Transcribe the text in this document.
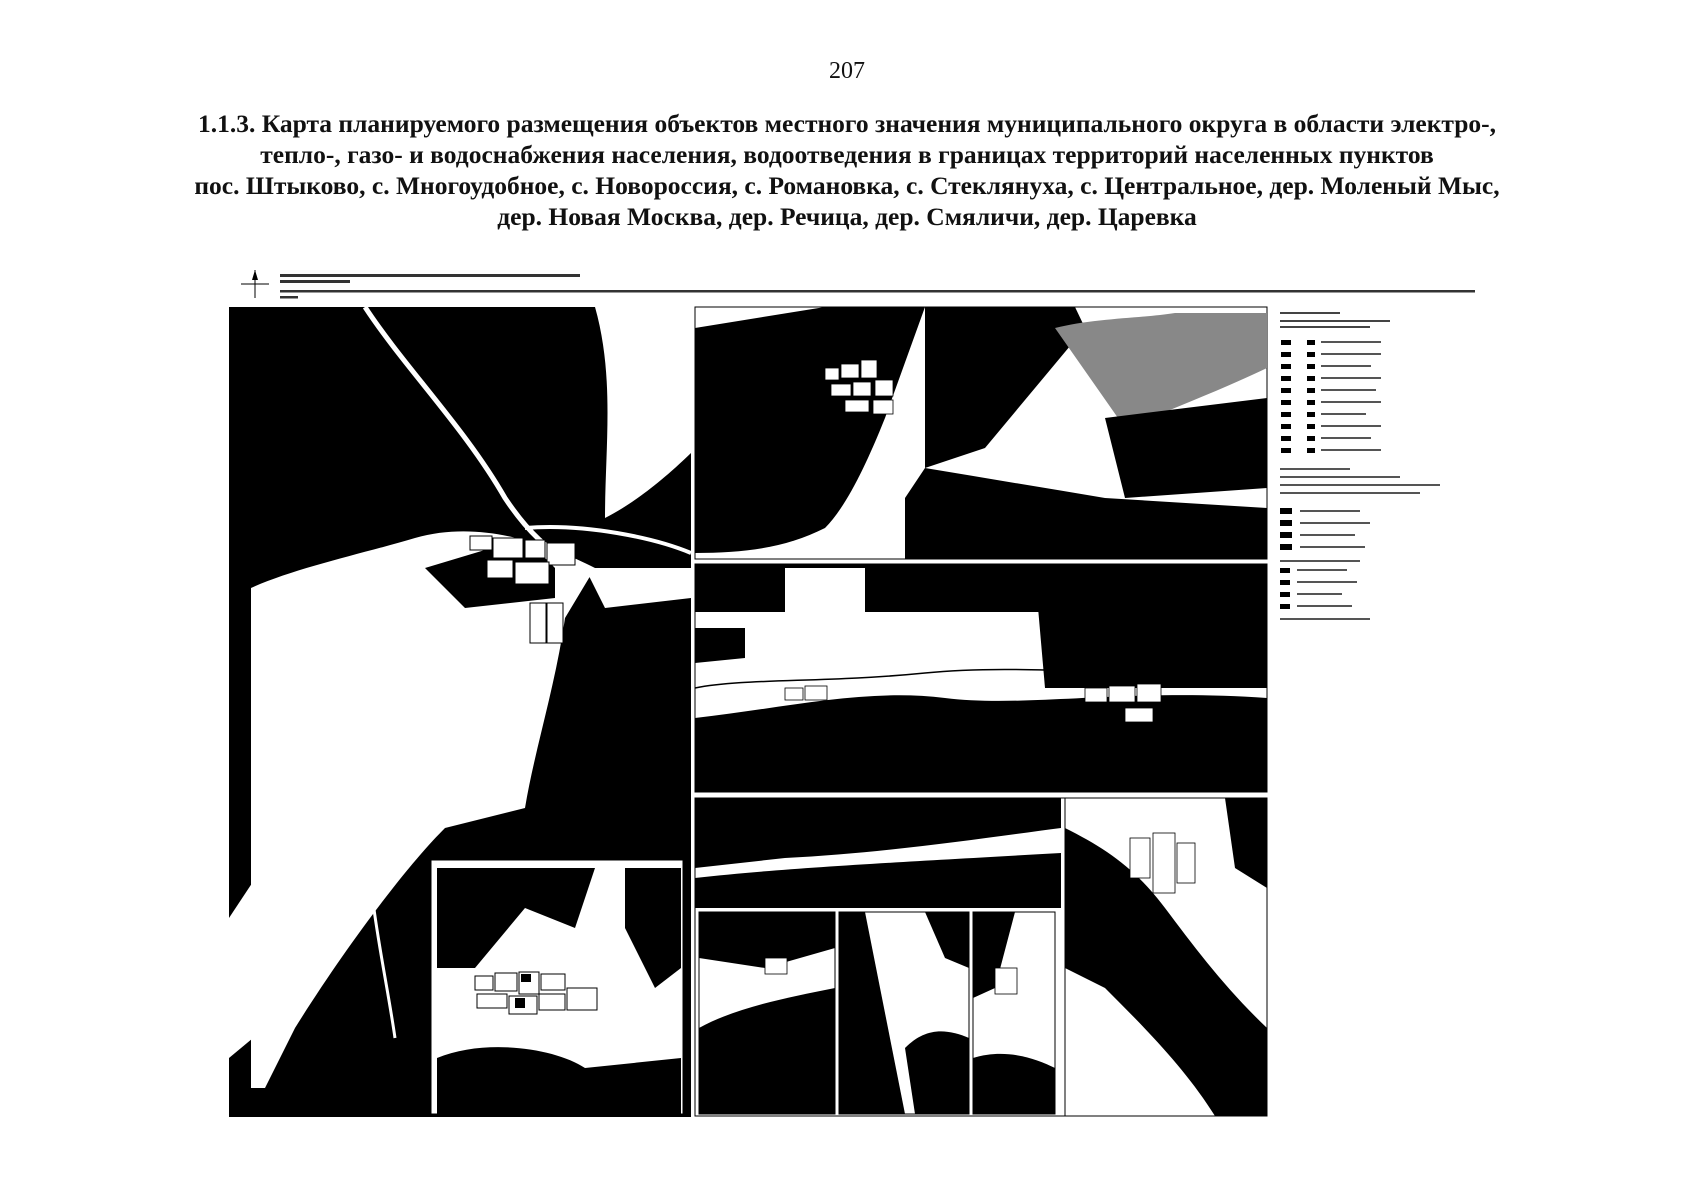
207
1.1.3. Карта планируемого размещения объектов местного значения муниципального округа в области электро-,
тепло-, газо- и водоснабжения населения, водоотведения в границах территорий населенных пунктов
пос. Штыково, с. Многоудобное, с. Новороссия, с. Романовка, с. Стеклянуха, с. Центральное, дер. Моленый Мыс,
дер. Новая Москва, дер. Речица, дер. Смяличи, дер. Царевка
